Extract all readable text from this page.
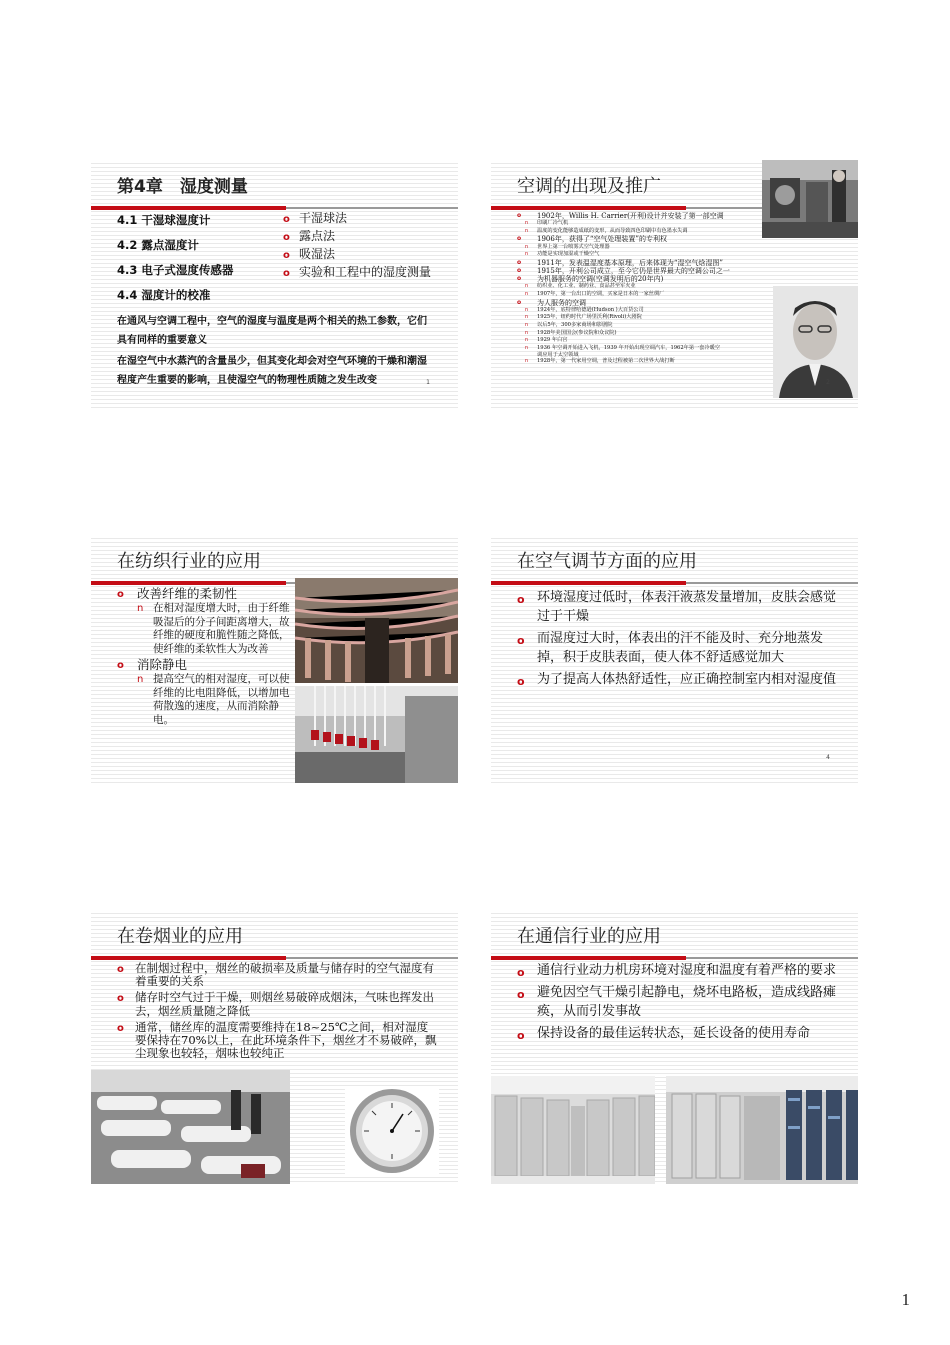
第4章　湿度测量
4.1 干湿球湿度计
4.2 露点湿度计
4.3 电子式湿度传感器
4.4 湿度计的校准
o 干湿球法
o 露点法
o 吸湿法
o 实验和工程中的湿度测量
在通风与空调工程中，空气的湿度与温度是两个相关的热工参数，它们具有同样的重要意义
在湿空气中水蒸汽的含量虽少，但其变化却会对空气环境的干燥和潮湿程度产生重要的影响，且使湿空气的物理性质随之发生改变	1
空调的出现及推广
o 1902年，Willis H. Carrier(开利)设计并安装了第一部空调
n 印刷厂冷气机
n 温度的变化能够造成纸的变形，从而导致四色印刷中有色墨水失调
o 1906年，获得了“空气处理装置”的专利权
n 世界上第一台喷雾式空气处理器
n 功能是实现加湿或干燥空气
o 1911年，发表温湿度基本原理，后来体现为“湿空气焓湿图”
o 1915年，开利公司成立，至今它仍是世界最大的空调公司之一
o 为机器服务的空调(空调发明后的20年内)
n 纺织业、化工业、制药业、食品甚至军火业
n 1907年，第一台出口的空调，买家是日本的一家丝绸厂
o 为人服务的空调
n 1924年，底特律哈德逊(Hudson )大百货公司
n 1925年，纽约时代广场里沃利(Rivoli)大剧院
n 以后5年，300多家商场和影剧院
n 1928年美国国会(参议院和众议院)
n 1929 年白宫
n 1936 年空调开始进入飞机，1939 年开始出现空调汽车，1962年第一套冷暖空
调应用于太空领域
n 1928年，第一代家用空调，普及过程被第二次世界大战打断
2
在纺织行业的应用
o 改善纤维的柔韧性
n 在相对湿度增大时，由于纤维吸湿后的分子间距离增大，故纤维的硬度和脆性随之降低，使纤维的柔软性大为改善
o 消除静电
n 提高空气的相对湿度，可以使纤维的比电阻降低，以增加电荷散逸的速度，从而消除静电。
在空气调节方面的应用
o 环境湿度过低时，体表汗液蒸发量增加，皮肤会感觉过于干燥
o 而湿度过大时，体表出的汗不能及时、充分地蒸发掉，积于皮肤表面，使人体不舒适感觉加大
o 为了提高人体热舒适性，应正确控制室内相对湿度值
4
在卷烟业的应用
o 在制烟过程中，烟丝的破损率及质量与储存时的空气湿度有着重要的关系
o 储存时空气过于干燥，则烟丝易破碎成烟沫，气味也挥发出去，烟丝质量随之降低
o 通常，储丝库的温度需要维持在18~25℃之间，相对湿度要保持在70%以上，在此环境条件下，烟丝才不易破碎，飘尘现象也较轻，烟味也较纯正
在通信行业的应用
o 通信行业动力机房环境对湿度和温度有着严格的要求
o 避免因空气干燥引起静电，烧坏电路板，造成线路瘫痪，从而引发事故
o 保持设备的最佳运转状态，延长设备的使用寿命
1
